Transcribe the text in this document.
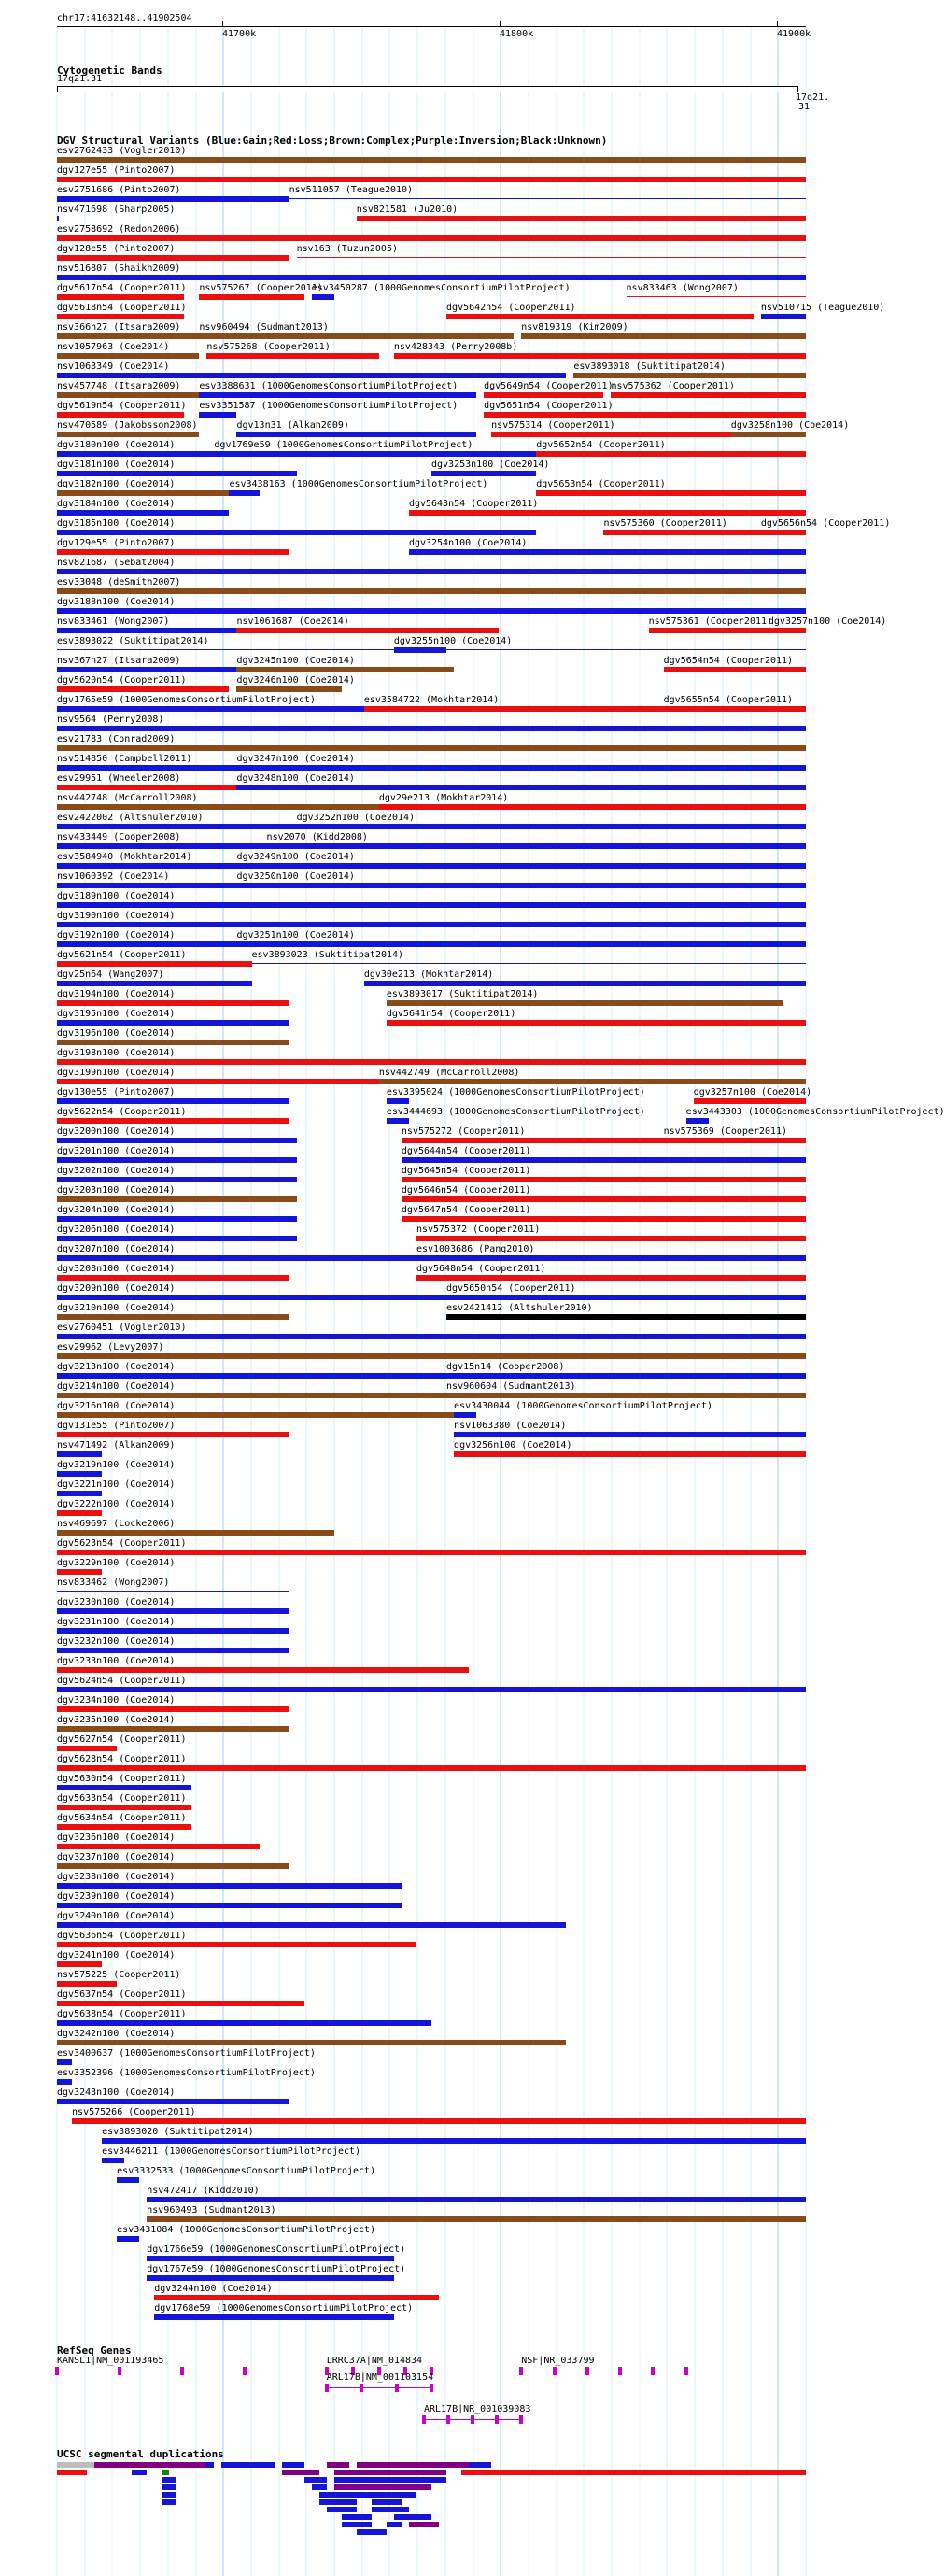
chr17:41632148..41902504
41700k	41800k	41900k
Cytogenetic Bands
17q21.31
17q21.
31
DGV Structural Variants (Blue:Gain;Red:Loss;Brown:Complex;Purple:Inversion;Black:Unknown)
esv2762433 (Vogler2010)
dgv127e55 (Pinto2007)
esv2751686 (Pinto2007)	nsv511057 (Teague2010)
nsv471698 (Sharp2005)	nsv821581 (Ju2010)
esv2758692 (Redon2006)
dgv128e55 (Pinto2007)	nsv163 (Tuzun2005)
nsv516807 (Shaikh2009)
dgv5617n54 (Cooper2011) nsv575267 (Cooper2011)
esv3450287 (1000GenomesConsortiumPilotProject)	nsv833463 (Wong2007)
dgv5618n54 (Cooper2011)	dgv5642n54 (Cooper2011)	nsv510715 (Teague2010)
nsv366n27 (Itsara2009) nsv960494 (Sudmant2013)	nsv819319 (Kim2009)
nsv1057963 (Coe2014)	nsv575268 (Cooper2011)	nsv428343 (Perry2008b)
nsv1063349 (Coe2014)	esv3893018 (Suktitipat2014)
nsv457748 (Itsara2009) esv3388631 (1000GenomesConsortiumPilotProject)	dgv5649n54 (Cooper2011)
nsv575362 (Cooper2011)
dgv5619n54 (Cooper2011) esv3351587 (1000GenomesConsortiumPilotProject)	dgv5651n54 (Cooper2011)
nsv470589 (Jakobsson2008)	dgv13n31 (Alkan2009)	nsv575314 (Cooper2011)	dgv3258n100 (Coe2014)
dgv3180n100 (Coe2014)	dgv1769e59 (1000GenomesConsortiumPilotProject)	dgv5652n54 (Cooper2011)
dgv3181n100 (Coe2014)	dgv3253n100 (Coe2014)
dgv3182n100 (Coe2014)	esv3438163 (1000GenomesConsortiumPilotProject)	dgv5653n54 (Cooper2011)
dgv3184n100 (Coe2014)	dgv5643n54 (Cooper2011)
dgv3185n100 (Coe2014)	nsv575360 (Cooper2011)	dgv5656n54 (Cooper2011)
dgv129e55 (Pinto2007)	dgv3254n100 (Coe2014)
nsv821687 (Sebat2004)
esv33048 (deSmith2007)
dgv3188n100 (Coe2014)
nsv833461 (Wong2007)	nsv1061687 (Coe2014)	nsv575361 (Cooper2011)
dgv3257n100 (Coe2014)
esv3893022 (Suktitipat2014)	dgv3255n100 (Coe2014)
nsv367n27 (Itsara2009)	dgv3245n100 (Coe2014)	dgv5654n54 (Cooper2011)
dgv5620n54 (Cooper2011)	dgv3246n100 (Coe2014)
dgv1765e59 (1000GenomesConsortiumPilotProject)	esv3584722 (Mokhtar2014)	dgv5655n54 (Cooper2011)
nsv9564 (Perry2008)
esv21783 (Conrad2009)
nsv514850 (Campbell2011)	dgv3247n100 (Coe2014)
esv29951 (Wheeler2008)	dgv3248n100 (Coe2014)
nsv442748 (McCarroll2008)	dgv29e213 (Mokhtar2014)
esv2422002 (Altshuler2010)	dgv3252n100 (Coe2014)
nsv433449 (Cooper2008)	nsv2070 (Kidd2008)
esv3584940 (Mokhtar2014)	dgv3249n100 (Coe2014)
nsv1060392 (Coe2014)	dgv3250n100 (Coe2014)
dgv3189n100 (Coe2014)
dgv3190n100 (Coe2014)
dgv3192n100 (Coe2014)	dgv3251n100 (Coe2014)
dgv5621n54 (Cooper2011)	esv3893023 (Suktitipat2014)
dgv25n64 (Wang2007)	dgv30e213 (Mokhtar2014)
dgv3194n100 (Coe2014)	esv3893017 (Suktitipat2014)
dgv3195n100 (Coe2014)	dgv5641n54 (Cooper2011)
dgv3196n100 (Coe2014)
dgv3198n100 (Coe2014)
dgv3199n100 (Coe2014)	nsv442749 (McCarroll2008)
dgv130e55 (Pinto2007)	esv3395024 (1000GenomesConsortiumPilotProject)	dgv3257n100 (Coe2014)
dgv5622n54 (Cooper2011)	esv3444693 (1000GenomesConsortiumPilotProject)	esv3443303 (1000GenomesConsortiumPilotProject)
dgv3200n100 (Coe2014)	nsv575272 (Cooper2011)	nsv575369 (Cooper2011)
dgv3201n100 (Coe2014)	dgv5644n54 (Cooper2011)
dgv3202n100 (Coe2014)	dgv5645n54 (Cooper2011)
dgv3203n100 (Coe2014)	dgv5646n54 (Cooper2011)
dgv3204n100 (Coe2014)	dgv5647n54 (Cooper2011)
dgv3206n100 (Coe2014)	nsv575372 (Cooper2011)
dgv3207n100 (Coe2014)	esv1003686 (Pang2010)
dgv3208n100 (Coe2014)	dgv5648n54 (Cooper2011)
dgv3209n100 (Coe2014)	dgv5650n54 (Cooper2011)
dgv3210n100 (Coe2014)	esv2421412 (Altshuler2010)
esv2760451 (Vogler2010)
esv29962 (Levy2007)
dgv3213n100 (Coe2014)	dgv15n14 (Cooper2008)
dgv3214n100 (Coe2014)	nsv960604 (Sudmant2013)
dgv3216n100 (Coe2014)	esv3430044 (1000GenomesConsortiumPilotProject)
dgv131e55 (Pinto2007)	nsv1063380 (Coe2014)
nsv471492 (Alkan2009)	dgv3256n100 (Coe2014)
dgv3219n100 (Coe2014)
dgv3221n100 (Coe2014)
dgv3222n100 (Coe2014)
nsv469697 (Locke2006)
dgv5623n54 (Cooper2011)
dgv3229n100 (Coe2014)
nsv833462 (Wong2007)
dgv3230n100 (Coe2014)
dgv3231n100 (Coe2014)
dgv3232n100 (Coe2014)
dgv3233n100 (Coe2014)
dgv5624n54 (Cooper2011)
dgv3234n100 (Coe2014)
dgv3235n100 (Coe2014)
dgv5627n54 (Cooper2011)
dgv5628n54 (Cooper2011)
dgv5630n54 (Cooper2011)
dgv5633n54 (Cooper2011)
dgv5634n54 (Cooper2011)
dgv3236n100 (Coe2014)
dgv3237n100 (Coe2014)
dgv3238n100 (Coe2014)
dgv3239n100 (Coe2014)
dgv3240n100 (Coe2014)
dgv5636n54 (Cooper2011)
dgv3241n100 (Coe2014)
nsv575225 (Cooper2011)
dgv5637n54 (Cooper2011)
dgv5638n54 (Cooper2011)
dgv3242n100 (Coe2014)
esv3400637 (1000GenomesConsortiumPilotProject)
esv3352396 (1000GenomesConsortiumPilotProject)
dgv3243n100 (Coe2014)
nsv575266 (Cooper2011)
esv3893020 (Suktitipat2014)
esv3446211 (1000GenomesConsortiumPilotProject)
esv3332533 (1000GenomesConsortiumPilotProject)
nsv472417 (Kidd2010)
nsv960493 (Sudmant2013)
esv3431084 (1000GenomesConsortiumPilotProject)
dgv1766e59 (1000GenomesConsortiumPilotProject)
dgv1767e59 (1000GenomesConsortiumPilotProject)
dgv3244n100 (Coe2014)
dgv1768e59 (1000GenomesConsortiumPilotProject)
RefSeq Genes
KANSL1|NM_001193465	LRRC37A|NM_014834	NSF|NR_033799
ARL17B|NM_001103154
ARL17B|NR_001039083
UCSC segmental duplications
